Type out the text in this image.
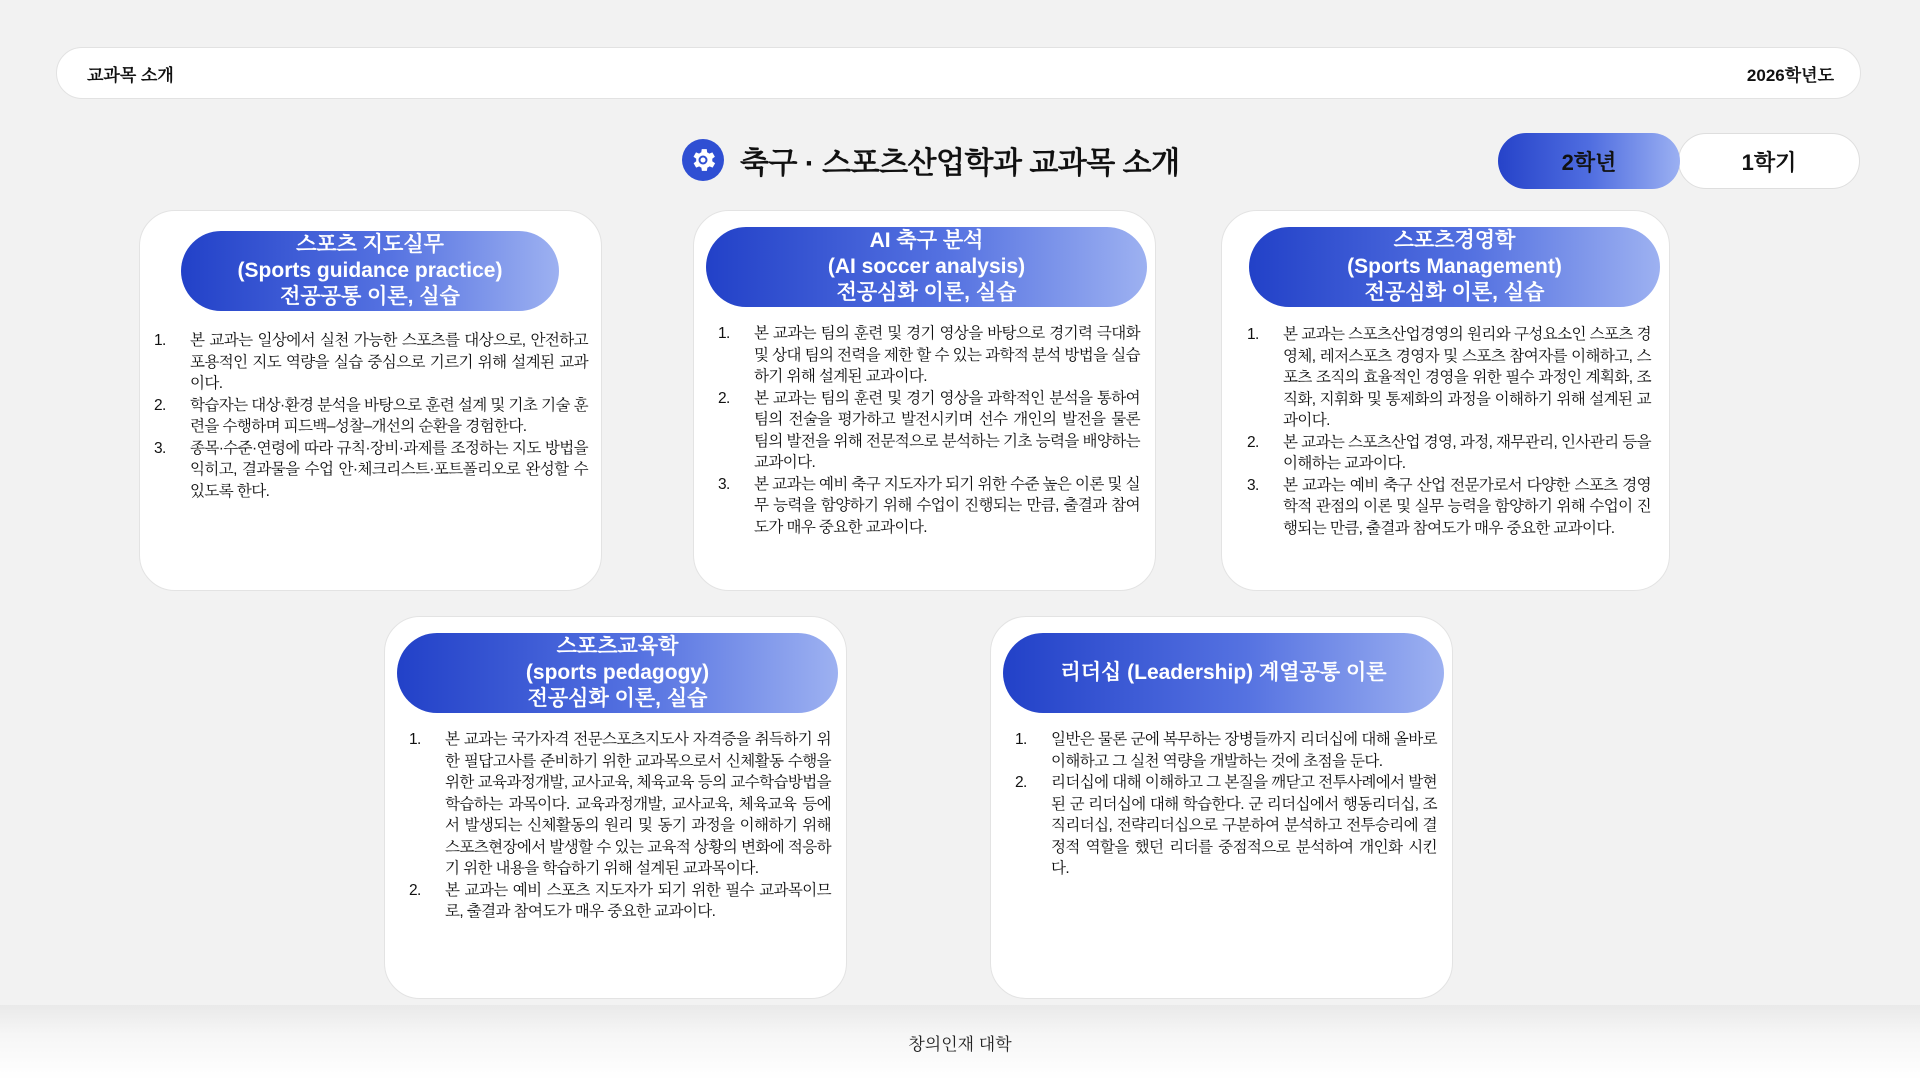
교과목 소개	2026학년도
축구 · 스포츠산업학과 교과목 소개	2학년	1학기
스포츠 지도실무
(Sports guidance practice)
전공공통 이론, 실습
1. 본 교과는 일상에서 실천 가능한 스포츠를 대상으로, 안전하고 포용적인 지도 역량을 실습 중심으로 기르기 위해 설계된 교과이다.
2. 학습자는 대상·환경 분석을 바탕으로 훈련 설계 및 기초 기술 훈련을 수행하며 피드백–성찰–개선의 순환을 경험한다.
3. 종목·수준·연령에 따라 규칙·장비·과제를 조정하는 지도 방법을 익히고, 결과물을 수업 안·체크리스트·포트폴리오로 완성할 수 있도록 한다.
AI 축구 분석
(AI soccer analysis)
전공심화 이론, 실습
1. 본 교과는 팀의 훈련 및 경기 영상을 바탕으로 경기력 극대화 및 상대 팀의 전력을 제한 할 수 있는 과학적 분석 방법을 실습하기 위해 설계된 교과이다.
2. 본 교과는 팀의 훈련 및 경기 영상을 과학적인 분석을 통하여 팀의 전술을 평가하고 발전시키며 선수 개인의 발전을 물론 팀의 발전을 위해 전문적으로 분석하는 기초 능력을 배양하는 교과이다.
3. 본 교과는 예비 축구 지도자가 되기 위한 수준 높은 이론 및 실무 능력을 함양하기 위해 수업이 진행되는 만큼, 출결과 참여도가 매우 중요한 교과이다.
스포츠경영학
(Sports Management)
전공심화 이론, 실습
1. 본 교과는 스포츠산업경영의 원리와 구성요소인 스포츠 경영체, 레저스포츠 경영자 및 스포츠 참여자를 이해하고, 스포츠 조직의 효율적인 경영을 위한 필수 과정인 계획화, 조직화, 지휘화 및 통제화의 과정을 이해하기 위해 설계된 교과이다.
2. 본 교과는 스포츠산업 경영, 과정, 재무관리, 인사관리 등을 이해하는 교과이다.
3. 본 교과는 예비 축구 산업 전문가로서 다양한 스포츠 경영학적 관점의 이론 및 실무 능력을 함양하기 위해 수업이 진행되는 만큼, 출결과 참여도가 매우 중요한 교과이다.
스포츠교육학
(sports pedagogy)
전공심화 이론, 실습
1. 본 교과는 국가자격 전문스포츠지도사 자격증을 취득하기 위한 필답고사를 준비하기 위한 교과목으로서 신체활동 수행을 위한 교육과정개발, 교사교육, 체육교육 등의 교수학습방법을 학습하는 과목이다. 교육과정개발, 교사교육, 체육교육 등에서 발생되는 신체활동의 원리 및 동기 과정을 이해하기 위해 스포츠현장에서 발생할 수 있는 교육적 상황의 변화에 적응하기 위한 내용을 학습하기 위해 설계된 교과목이다.
2. 본 교과는 예비 스포츠 지도자가 되기 위한 필수 교과목이므로, 출결과 참여도가 매우 중요한 교과이다.
리더십 (Leadership) 계열공통 이론
1. 일반은 물론 군에 복무하는 장병들까지 리더십에 대해 올바로 이해하고 그 실천 역량을 개발하는 것에 초점을 둔다.
2. 리더십에 대해 이해하고 그 본질을 깨닫고 전투사례에서 발현된 군 리더십에 대해 학습한다. 군 리더십에서 행동리더십, 조직리더십, 전략리더십으로 구분하여 분석하고 전투승리에 결정적 역할을 했던 리더를 중점적으로 분석하여 개인화 시킨다.
창의인재 대학
